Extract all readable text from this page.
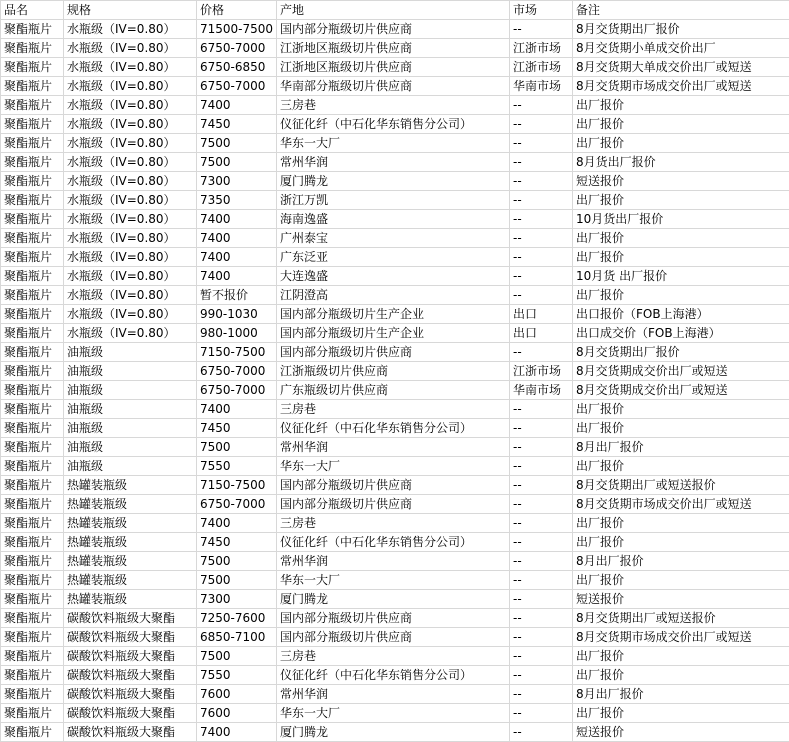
品名	规格	价格	产地	市场	备注
聚酯瓶片	水瓶级（IV=0.80）	71500-7500	国内部分瓶级切片供应商	--	8月交货期出厂报价
聚酯瓶片	水瓶级（IV=0.80）	6750-7000	江浙地区瓶级切片供应商	江浙市场	8月交货期小单成交价出厂
聚酯瓶片	水瓶级（IV=0.80）	6750-6850	江浙地区瓶级切片供应商	江浙市场	8月交货期大单成交价出厂或短送
聚酯瓶片	水瓶级（IV=0.80）	6750-7000	华南部分瓶级切片供应商	华南市场	8月交货期市场成交价出厂或短送
聚酯瓶片	水瓶级（IV=0.80）	7400	三房巷	--	出厂报价
聚酯瓶片	水瓶级（IV=0.80）	7450	仪征化纤（中石化华东销售分公司）	--	出厂报价
聚酯瓶片	水瓶级（IV=0.80）	7500	华东一大厂	--	出厂报价
聚酯瓶片	水瓶级（IV=0.80）	7500	常州华润	--	8月货出厂报价
聚酯瓶片	水瓶级（IV=0.80）	7300	厦门腾龙	--	短送报价
聚酯瓶片	水瓶级（IV=0.80）	7350	浙江万凯	--	出厂报价
聚酯瓶片	水瓶级（IV=0.80）	7400	海南逸盛	--	10月货出厂报价
聚酯瓶片	水瓶级（IV=0.80）	7400	广州泰宝	--	出厂报价
聚酯瓶片	水瓶级（IV=0.80）	7400	广东泛亚	--	出厂报价
聚酯瓶片	水瓶级（IV=0.80）	7400	大连逸盛	--	10月货 出厂报价
聚酯瓶片	水瓶级（IV=0.80）	暂不报价	江阴澄高	--	出厂报价
聚酯瓶片	水瓶级（IV=0.80）	990-1030	国内部分瓶级切片生产企业	出口	出口报价（FOB上海港）
聚酯瓶片	水瓶级（IV=0.80）	980-1000	国内部分瓶级切片生产企业	出口	出口成交价（FOB上海港）
聚酯瓶片	油瓶级	7150-7500	国内部分瓶级切片供应商	--	8月交货期出厂报价
聚酯瓶片	油瓶级	6750-7000	江浙瓶级切片供应商	江浙市场	8月交货期成交价出厂或短送
聚酯瓶片	油瓶级	6750-7000	广东瓶级切片供应商	华南市场	8月交货期成交价出厂或短送
聚酯瓶片	油瓶级	7400	三房巷	--	出厂报价
聚酯瓶片	油瓶级	7450	仪征化纤（中石化华东销售分公司）	--	出厂报价
聚酯瓶片	油瓶级	7500	常州华润	--	8月出厂报价
聚酯瓶片	油瓶级	7550	华东一大厂	--	出厂报价
聚酯瓶片	热罐装瓶级	7150-7500	国内部分瓶级切片供应商	--	8月交货期出厂或短送报价
聚酯瓶片	热罐装瓶级	6750-7000	国内部分瓶级切片供应商	--	8月交货期市场成交价出厂或短送
聚酯瓶片	热罐装瓶级	7400	三房巷	--	出厂报价
聚酯瓶片	热罐装瓶级	7450	仪征化纤（中石化华东销售分公司）	--	出厂报价
聚酯瓶片	热罐装瓶级	7500	常州华润	--	8月出厂报价
聚酯瓶片	热罐装瓶级	7500	华东一大厂	--	出厂报价
聚酯瓶片	热罐装瓶级	7300	厦门腾龙	--	短送报价
聚酯瓶片	碳酸饮料瓶级大聚酯	7250-7600	国内部分瓶级切片供应商	--	8月交货期出厂或短送报价
聚酯瓶片	碳酸饮料瓶级大聚酯	6850-7100	国内部分瓶级切片供应商	--	8月交货期市场成交价出厂或短送
聚酯瓶片	碳酸饮料瓶级大聚酯	7500	三房巷	--	出厂报价
聚酯瓶片	碳酸饮料瓶级大聚酯	7550	仪征化纤（中石化华东销售分公司）	--	出厂报价
聚酯瓶片	碳酸饮料瓶级大聚酯	7600	常州华润	--	8月出厂报价
聚酯瓶片	碳酸饮料瓶级大聚酯	7600	华东一大厂	--	出厂报价
聚酯瓶片	碳酸饮料瓶级大聚酯	7400	厦门腾龙	--	短送报价
